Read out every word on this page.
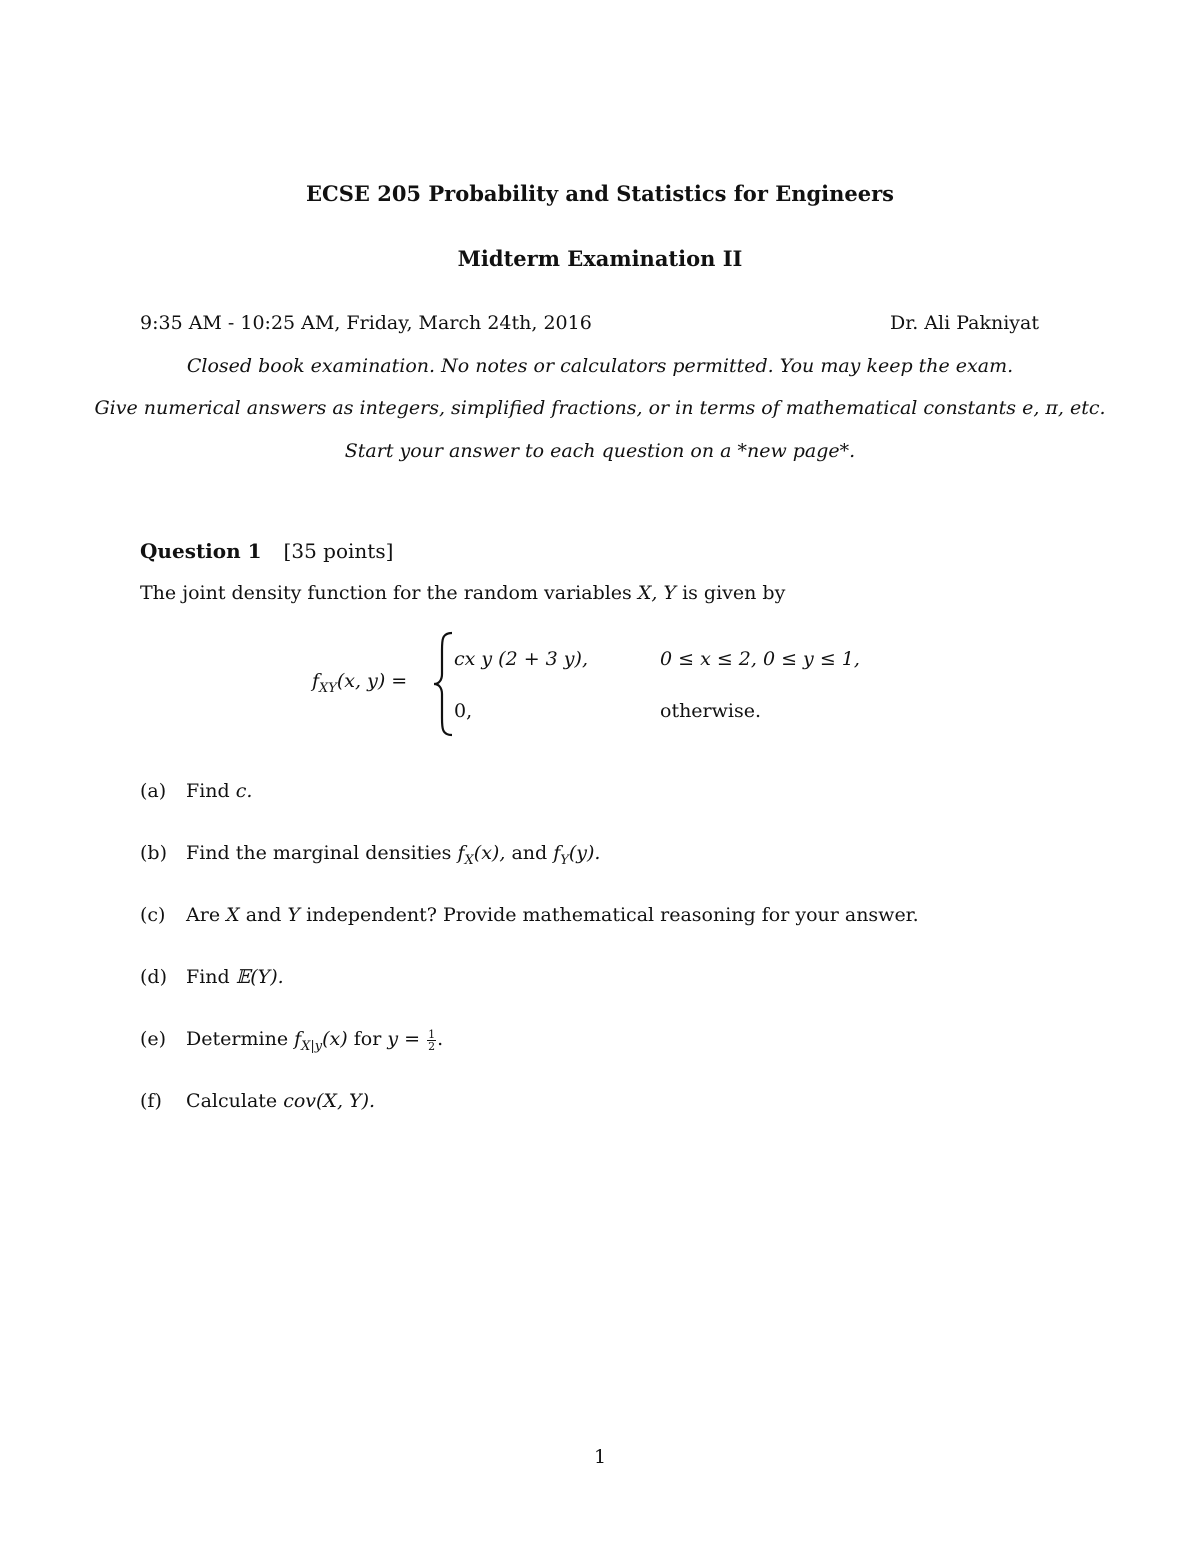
ECSE 205 Probability and Statistics for Engineers
Midterm Examination II
9:35 AM - 10:25 AM, Friday, March 24th, 2016	Dr. Ali Pakniyat
Closed book examination. No notes or calculators permitted. You may keep the exam.
Give numerical answers as integers, simplified fractions, or in terms of mathematical constants e, π, etc.
Start your answer to each question on a *new page*.
Question 1 [35 points]
The joint density function for the random variables X, Y is given by
$f_{XY}(x$, y) =
cx y (2 + 3 y),	0 ≤ x ≤ 2, 0 ≤ y ≤ 1,
0,	otherwise.
(a) Find c.
(b) Find the marginal densities $f_X(x)$, and $f_Y(y)$.
(c) Are X and Y independent? Provide mathematical reasoning for your answer.
(d) Find 𝔼(Y).
(e) Determine $f_{X|y}(x)$ for $y = \frac{1}{2}$ .
(f) Calculate cov(X, Y).
1
